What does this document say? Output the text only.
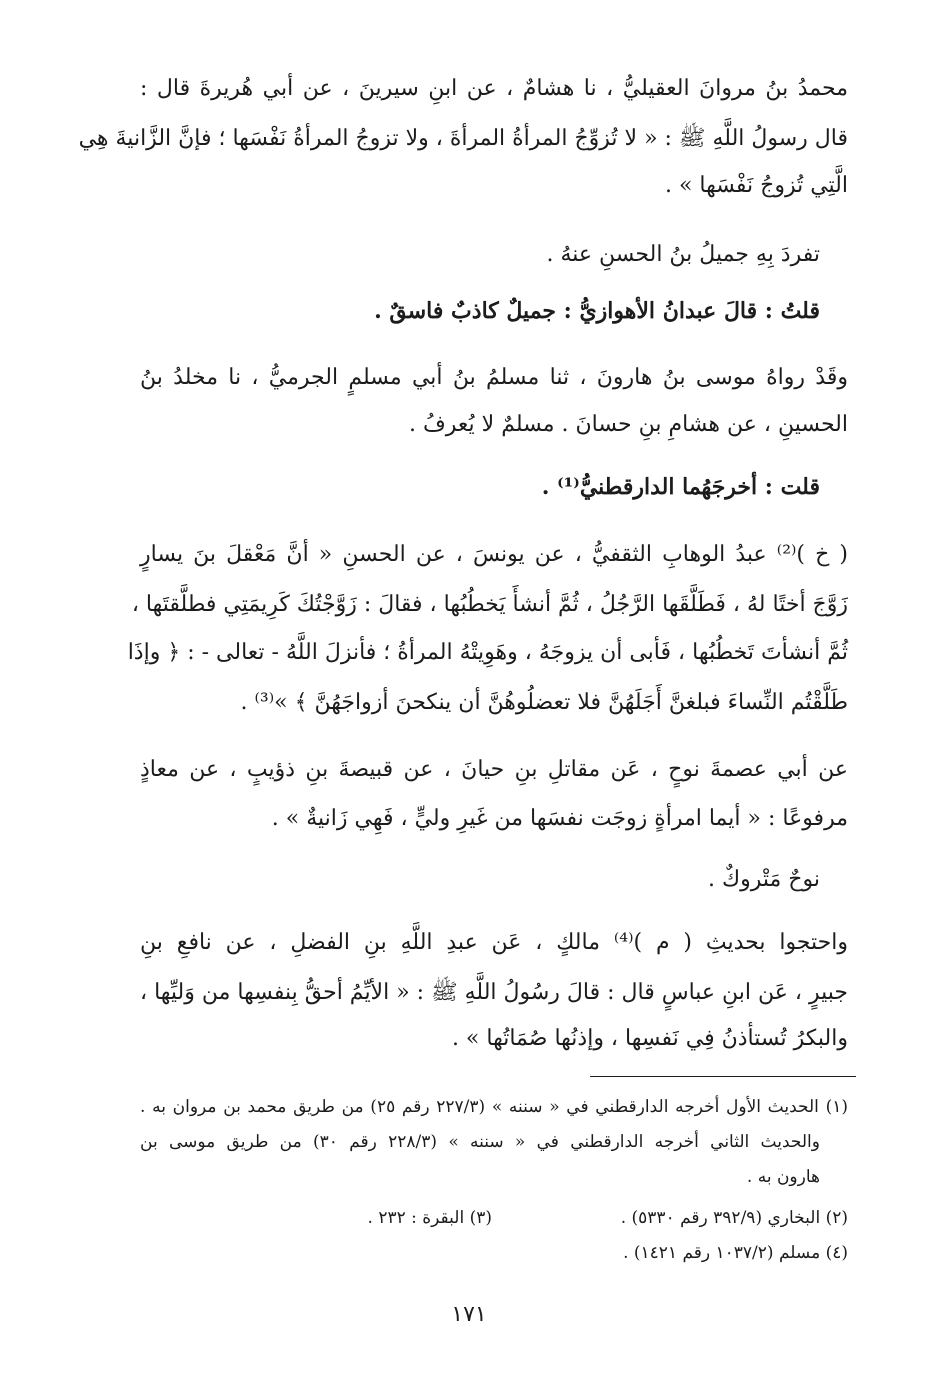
محمدُ بنُ مروانَ العقيليُّ ، نا هشامٌ ، عن ابنِ سيرينَ ، عن أبي هُريرةَ قال :
قال رسولُ اللَّهِ ﷺ : « لا تُزوِّجُ المرأةُ المرأةَ ، ولا تزوجُ المرأةُ نَفْسَها ؛ فإنَّ الزَّانيةَ هِي
الَّتِي تُزوجُ نَفْسَها » .
تفردَ بِهِ جميلُ بنُ الحسنِ عنهُ .
قلتُ : قالَ عبدانُ الأهوازيُّ : جميلٌ كاذبٌ فاسقٌ .
وقَدْ رواهُ موسى بنُ هارونَ ، ثنا مسلمُ بنُ أبي مسلمٍ الجرميُّ ، نا مخلدُ بنُ
الحسينِ ، عن هشامِ بنِ حسانَ . مسلمٌ لا يُعرفُ .
قلت : أخرجَهُما الدارقطنيُّ⁽¹⁾ .
( خ )⁽²⁾ عبدُ الوهابِ الثقفيُّ ، عن يونسَ ، عن الحسنِ « أنَّ مَعْقلَ بنَ يسارٍ
زَوَّجَ أختًا لهُ ، فَطَلَّقَها الرَّجُلُ ، ثُمَّ أنشأَ يَخطُبُها ، فقالَ : زَوَّجْتُكَ كَرِيمَتِي فطلَّقتَها ،
ثُمَّ أنشأتَ تَخطُبُها ، فَأبى أن يزوجَهُ ، وهَوِيتْهُ المرأةُ ؛ فأنزلَ اللَّهُ - تعالى - : ﴿ وإذَا
طَلَّقْتُم النِّساءَ فبلغنَّ أَجَلَهُنَّ فلا تعضلُوهُنَّ أن ينكحنَ أزواجَهُنَّ ﴾ »⁽³⁾ .
عن أبي عصمةَ نوحٍ ، عَن مقاتلِ بنِ حيانَ ، عن قبيصةَ بنِ ذؤيبٍ ، عن معاذٍ
مرفوعًا : « أيما امرأةٍ زوجَت نفسَها من غَيرِ وليٍّ ، فَهِي زَانيةٌ » .
نوحٌ مَتْروكٌ .
واحتجوا بحديثِ ( م )⁽⁴⁾ مالكٍ ، عَن عبدِ اللَّهِ بنِ الفضلِ ، عن نافعِ بنِ
جبيرٍ ، عَن ابنِ عباسٍ قال : قالَ رسُولُ اللَّهِ ﷺ : « الأيِّمُ أحقُّ بِنفسِها من وَليِّها ،
والبكرُ تُستأذنُ فِي نَفسِها ، وإذنُها صُمَاتُها » .
(١) الحديث الأول أخرجه الدارقطني في « سننه » (٢٢٧/٣ رقم ٢٥) من طريق محمد بن مروان به .
والحديث الثاني أخرجه الدارقطني في « سننه » (٢٢٨/٣ رقم ٣٠) من طريق موسى بن
هارون به .
(٢) البخاري (٣٩٢/٩ رقم ٥٣٣٠) .
(٣) البقرة : ٢٣٢ .
(٤) مسلم (١٠٣٧/٢ رقم ١٤٢١) .
١٧١
